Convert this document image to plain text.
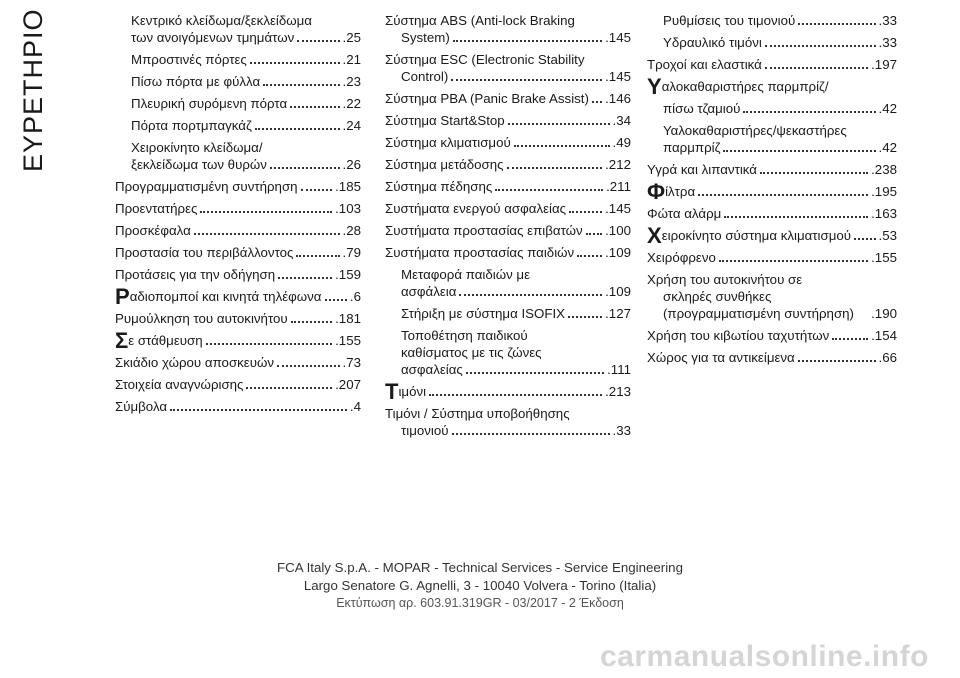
ΕΥΡΕΤΗΡΙΟ	Κεντρικό κλείδωμα/ξεκλείδωμα
των ανοιγόμενων τμημάτων	.25
Μπροστινές πόρτες	.21
Πίσω πόρτα με φύλλα	.23
Πλευρική συρόμενη πόρτα	.22
Πόρτα πορτμπαγκάζ	.24
Χειροκίνητο κλείδωμα/
ξεκλείδωμα των θυρών	.26
Προγραμματισμένη συντήρηση	.185
Προεντατήρες	.103
Προσκέφαλα	.28
Προστασία του περιβάλλοντος	.79
Προτάσεις για την οδήγηση	.159
Ρ αδιοπομποί και κινητά τηλέφωνα .6
Ρυμούλκηση του αυτοκινήτου	.181
Σ ε στάθμευση	.155
Σκιάδιο χώρου αποσκευών	.73
Στοιχεία αναγνώρισης	.207
Σύμβολα	.4
Σύστημα ABS (Anti-lock Braking
System)	.145
Σύστημα ESC (Electronic Stability
Control)	.145
Σύστημα PBA (Panic Brake Assist) .146
Σύστημα Start&Stop	.34
Σύστημα κλιματισμού	.49
Σύστημα μετάδοσης	.212
Σύστημα πέδησης	.211
Συστήματα ενεργού ασφαλείας	.145
Συστήματα προστασίας επιβατών .100
Συστήματα προστασίας παιδιών .109
Μεταφορά παιδιών με
ασφάλεια	.109
Στήριξη με σύστημα ISOFIX	.127
Τοποθέτηση παιδικού
καθίσματος με τις ζώνες
ασφαλείας	.111
Τ ιμόνι	.213
Τιμόνι / Σύστημα υποβοήθησης
τιμονιού	.33
Ρυθμίσεις του τιμονιού	.33
Υδραυλικό τιμόνι	.33
Τροχοί και ελαστικά	.197
Υ αλοκαθαριστήρες παρμπρίζ/
πίσω τζαμιού	.42
Υαλοκαθαριστήρες/ψεκαστήρες
παρμπρίζ	.42
Υγρά και λιπαντικά	.238
Φ ίλτρα	.195
Φώτα αλάρμ	.163
Χ ειροκίνητο σύστημα κλιματισμού .53
Χειρόφρενο	.155
Χρήση του αυτοκινήτου σε
σκληρές συνθήκες
(προγραμματισμένη συντήρηση) .190
Χρήση του κιβωτίου ταχυτήτων	.154
Χώρος για τα αντικείμενα	.66
FCA Italy S.p.A. - MOPAR - Technical Services - Service Engineering
Largo Senatore G. Agnelli, 3 - 10040 Volvera - Torino (Italia)
Εκτύπωση αρ. 603.91.319GR - 03/2017 - 2 Έκδοση
carmanualsonline.info
